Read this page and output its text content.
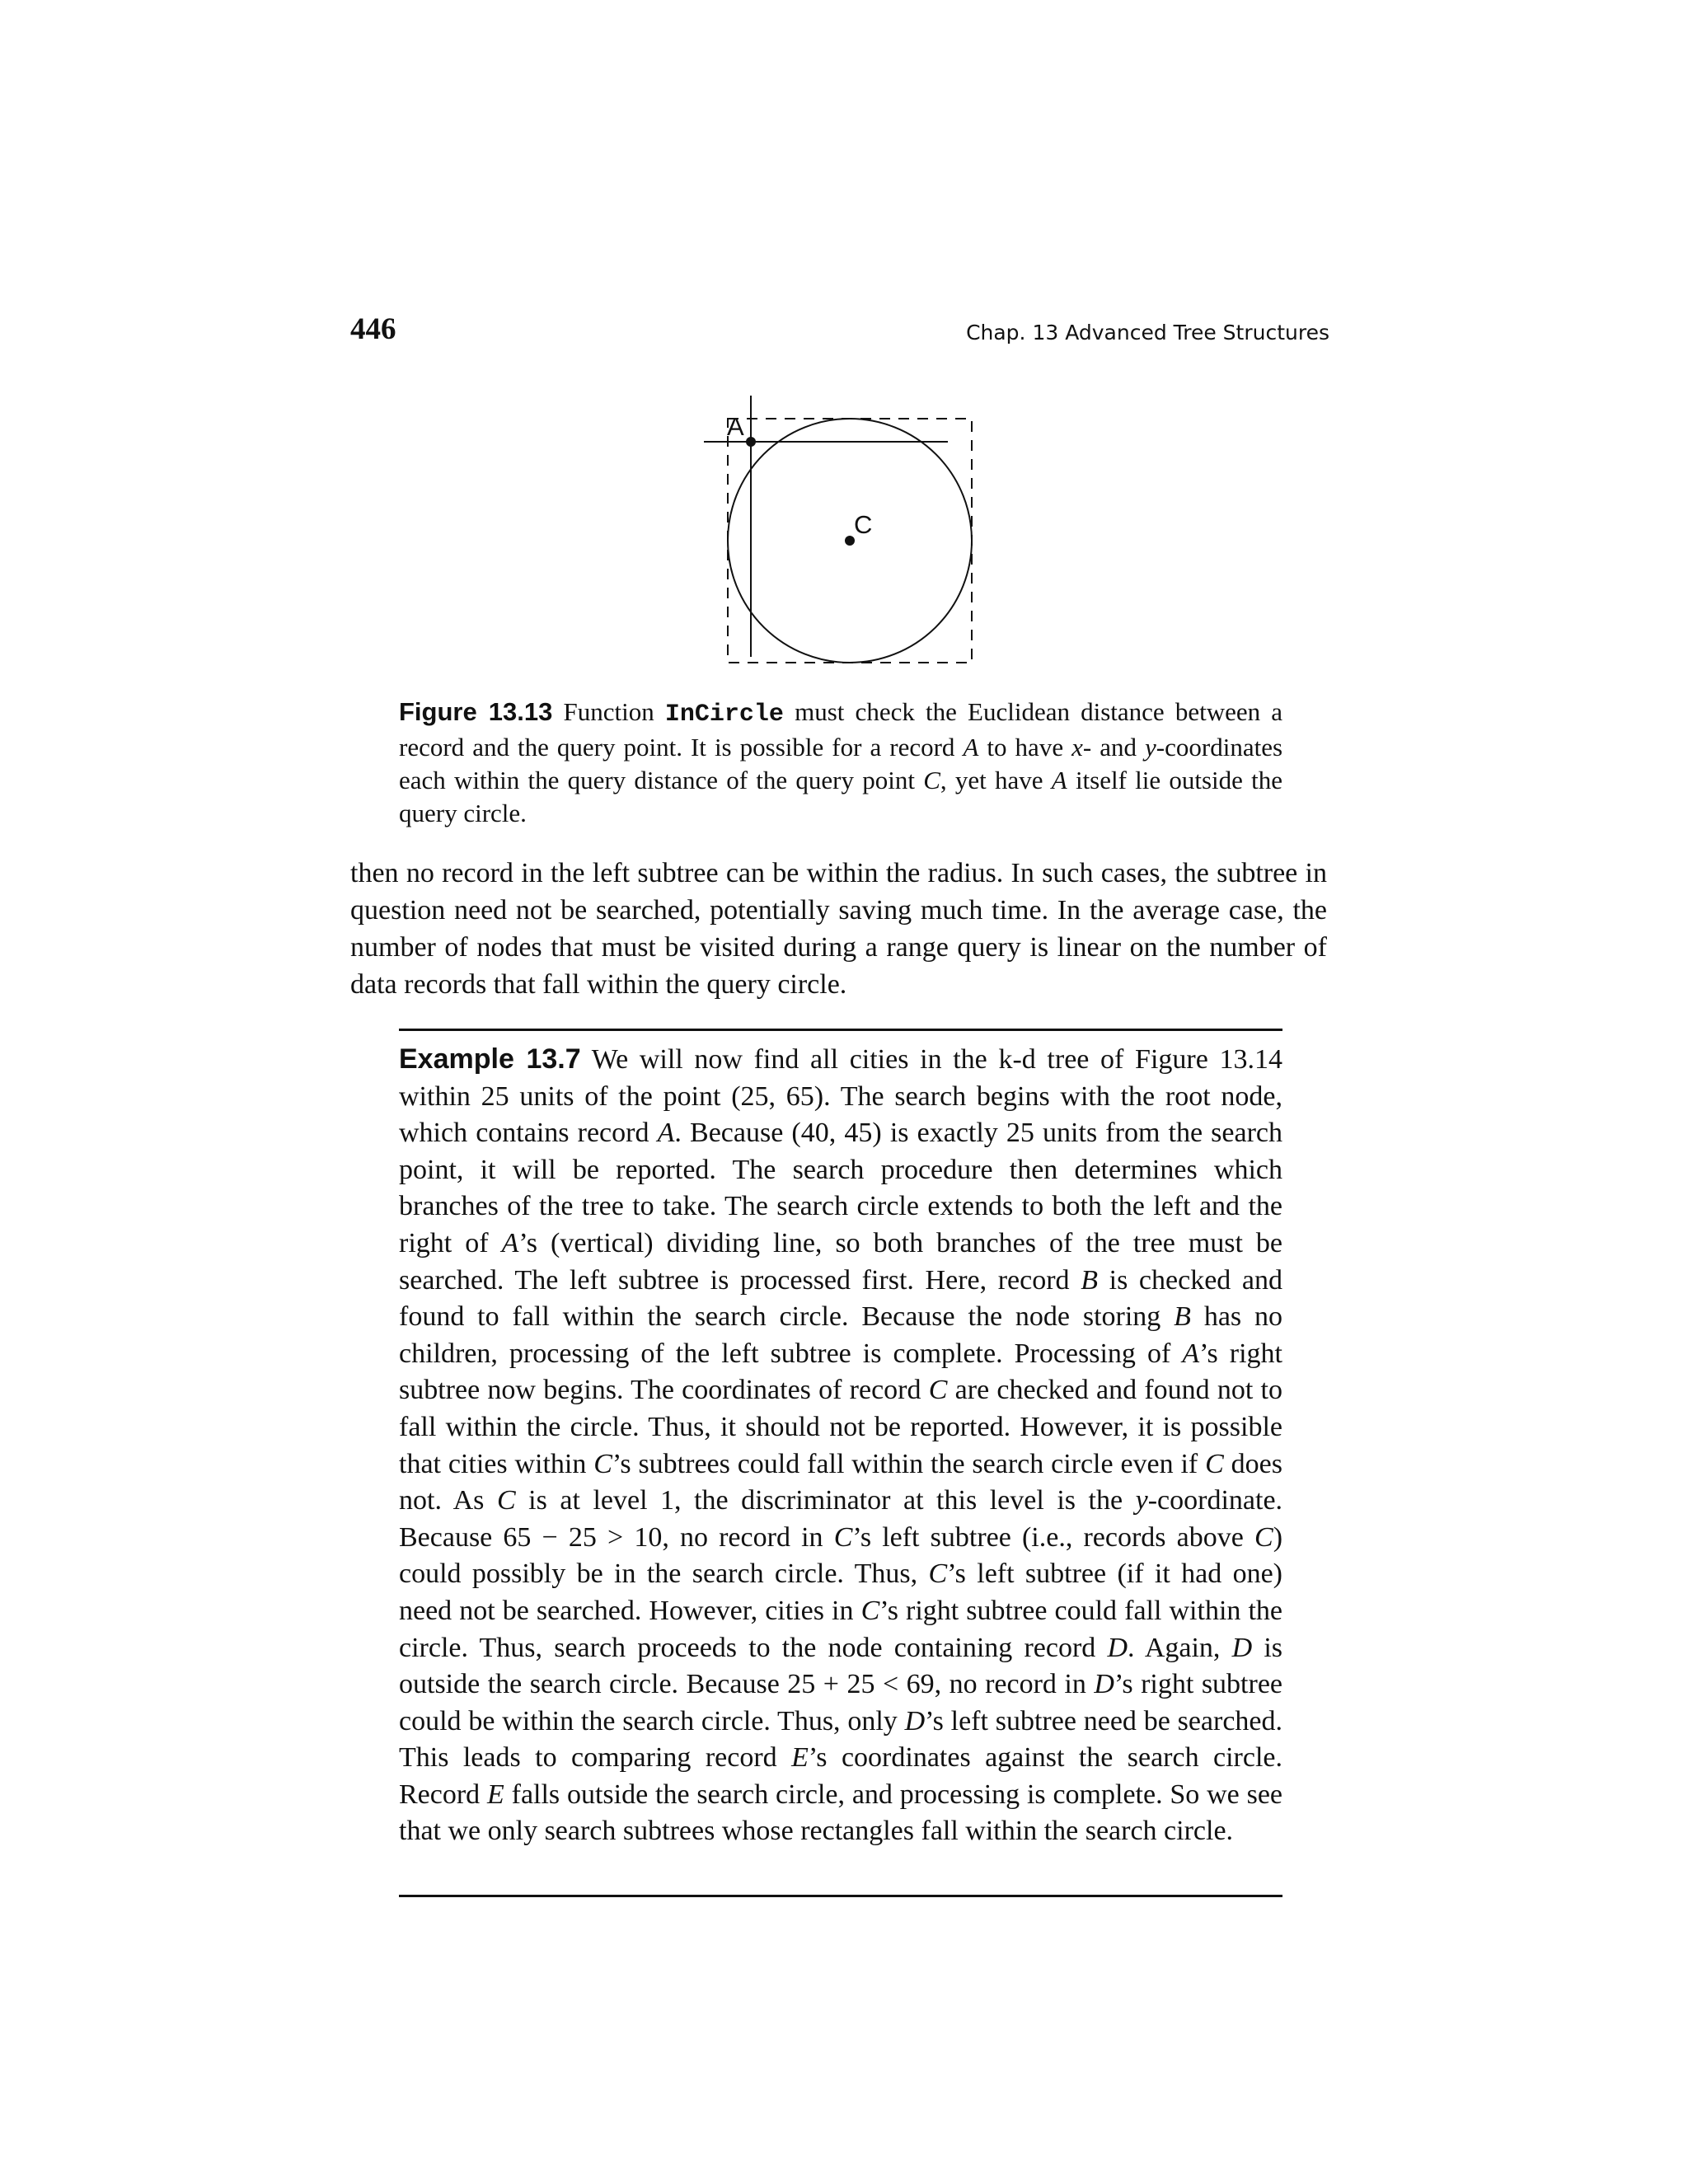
446	Chap. 13 Advanced Tree Structures
A
C
Figure 13.13 Function InCircle must check the Euclidean distance between a record and the query point. It is possible for a record A to have x- and y-coordinates each within the query distance of the query point C, yet have A itself lie outside the query circle.
then no record in the left subtree can be within the radius. In such cases, the subtree in question need not be searched, potentially saving much time. In the average case, the number of nodes that must be visited during a range query is linear on the number of data records that fall within the query circle.
Example 13.7 We will now find all cities in the k-d tree of Figure 13.14 within 25 units of the point (25, 65). The search begins with the root node, which contains record A. Because (40, 45) is exactly 25 units from the search point, it will be reported. The search procedure then determines which branches of the tree to take. The search circle extends to both the left and the right of A’s (vertical) dividing line, so both branches of the tree must be searched. The left subtree is processed first. Here, record B is checked and found to fall within the search circle. Because the node storing B has no children, processing of the left subtree is complete. Processing of A’s right subtree now begins. The coordinates of record C are checked and found not to fall within the circle. Thus, it should not be reported. However, it is possible that cities within C’s subtrees could fall within the search circle even if C does not. As C is at level 1, the discriminator at this level is the y-coordinate. Because 65 − 25 > 10, no record in C’s left subtree (i.e., records above C) could possibly be in the search circle. Thus, C’s left subtree (if it had one) need not be searched. However, cities in C’s right subtree could fall within the circle. Thus, search proceeds to the node containing record D. Again, D is outside the search circle. Because 25 + 25 < 69, no record in D’s right subtree could be within the search circle. Thus, only D’s left subtree need be searched. This leads to comparing record E’s coordinates against the search circle. Record E falls outside the search circle, and processing is complete. So we see that we only search subtrees whose rectangles fall within the search circle.
